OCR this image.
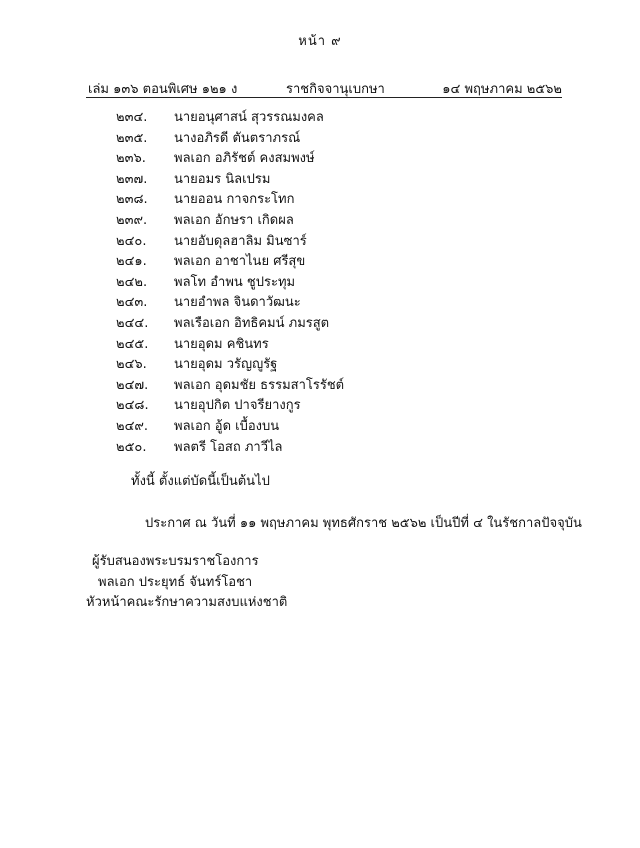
หน้า ๙
เล่ม ๑๓๖ ตอนพิเศษ ๑๒๑ ง	ราชกิจจานุเบกษา	๑๔ พฤษภาคม ๒๕๖๒
๒๓๔. นายอนุศาสน์ สุวรรณมงคล
๒๓๕. นางอภิรดี ตันตราภรณ์
๒๓๖. พลเอก อภิรัชต์ คงสมพงษ์
๒๓๗. นายอมร นิลเปรม
๒๓๘. นายออน กาจกระโทก
๒๓๙. พลเอก อักษรา เกิดผล
๒๔๐. นายอับดุลฮาลิม มินซาร์
๒๔๑. พลเอก อาชาไนย ศรีสุข
๒๔๒. พลโท อำพน ชูประทุม
๒๔๓. นายอำพล จินดาวัฒนะ
๒๔๔. พลเรือเอก อิทธิคมน์ ภมรสูต
๒๔๕. นายอุดม คชินทร
๒๔๖. นายอุดม วรัญญูรัฐ
๒๔๗. พลเอก อุดมชัย ธรรมสาโรรัชต์
๒๔๘. นายอุปกิต ปาจรียางกูร
๒๔๙. พลเอก อู้ด เบื้องบน
๒๕๐. พลตรี โอสถ ภาวีไล
ทั้งนี้ ตั้งแต่บัดนี้เป็นต้นไป
ประกาศ ณ วันที่ ๑๑ พฤษภาคม พุทธศักราช ๒๕๖๒ เป็นปีที่ ๔ ในรัชกาลปัจจุบัน
ผู้รับสนองพระบรมราชโองการ
พลเอก ประยุทธ์ จันทร์โอชา
หัวหน้าคณะรักษาความสงบแห่งชาติ
